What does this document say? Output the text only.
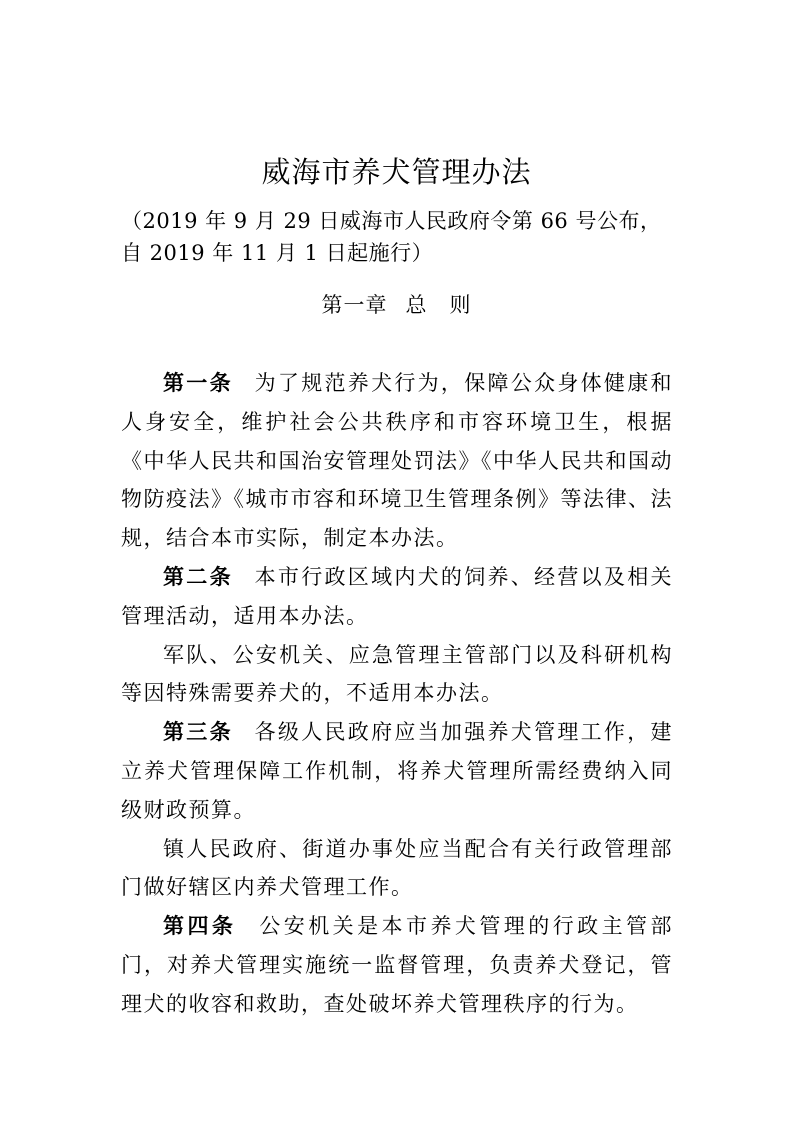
威海市养犬管理办法
（2019 年 9 月 29 日威海市人民政府令第 66 号公布，自 2019 年 11 月 1 日起施行）
第一章 总　则

第一条 为了规范养犬行为，保障公众身体健康和人身安全，维护社会公共秩序和市容环境卫生，根据《中华人民共和国治安管理处罚法》《中华人民共和国动物防疫法》《城市市容和环境卫生管理条例》等法律、法规，结合本市实际，制定本办法。

第二条 本市行政区域内犬的饲养、经营以及相关管理活动，适用本办法。

军队、公安机关、应急管理主管部门以及科研机构等因特殊需要养犬的，不适用本办法。

第三条 各级人民政府应当加强养犬管理工作，建立养犬管理保障工作机制，将养犬管理所需经费纳入同级财政预算。

镇人民政府、街道办事处应当配合有关行政管理部门做好辖区内养犬管理工作。

第四条 公安机关是本市养犬管理的行政主管部门，对养犬管理实施统一监督管理，负责养犬登记，管理犬的收容和救助，查处破坏养犬管理秩序的行为。
